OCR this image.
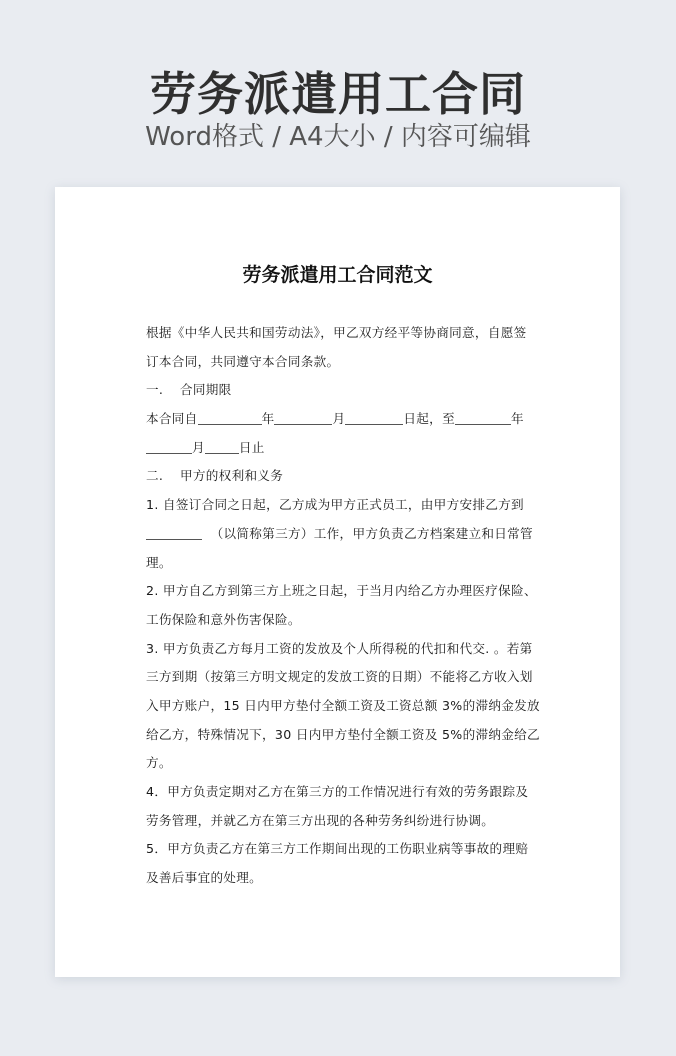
劳务派遣用工合同
Word格式 / A4大小 / 内容可编辑
劳务派遣用工合同范文
根据《中华人民共和国劳动法》，甲乙双方经平等协商同意，自愿签
订本合同，共同遵守本合同条款。
一. 合同期限
本合同自	年	月	日起，至	年
月	日止
二. 甲方的权利和义务
1. 自签订合同之日起，乙方成为甲方正式员工，由甲方安排乙方到
（以简称第三方）工作，甲方负责乙方档案建立和日常管
理。
2. 甲方自乙方到第三方上班之日起，于当月内给乙方办理医疗保险、
工伤保险和意外伤害保险。
3. 甲方负责乙方每月工资的发放及个人所得税的代扣和代交. 。若第
三方到期（按第三方明文规定的发放工资的日期）不能将乙方收入划
入甲方账户，15 日内甲方垫付全额工资及工资总额 3%的滞纳金发放
给乙方，特殊情况下，30 日内甲方垫付全额工资及 5%的滞纳金给乙
方。
4．甲方负责定期对乙方在第三方的工作情况进行有效的劳务跟踪及
劳务管理，并就乙方在第三方出现的各种劳务纠纷进行协调。
5．甲方负责乙方在第三方工作期间出现的工伤职业病等事故的理赔
及善后事宜的处理。
